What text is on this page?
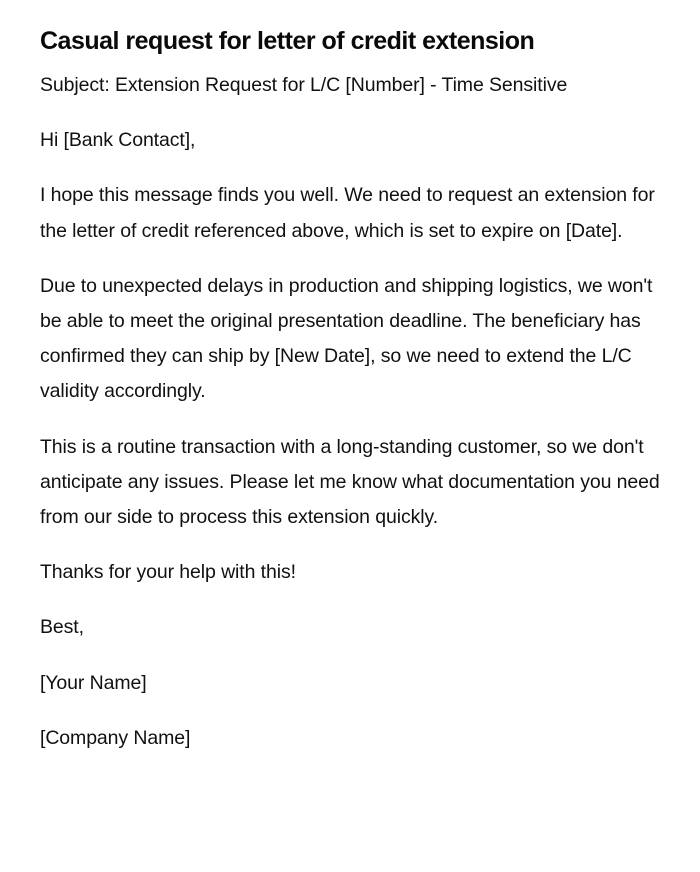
Casual request for letter of credit extension

Subject: Extension Request for L/C [Number] - Time Sensitive

Hi [Bank Contact],

I hope this message finds you well. We need to request an extension for the letter of credit referenced above, which is set to expire on [Date].

Due to unexpected delays in production and shipping logistics, we won't be able to meet the original presentation deadline. The beneficiary has confirmed they can ship by [New Date], so we need to extend the L/C validity accordingly.

This is a routine transaction with a long-standing customer, so we don't anticipate any issues. Please let me know what documentation you need from our side to process this extension quickly.

Thanks for your help with this!

Best,

[Your Name]

[Company Name]
